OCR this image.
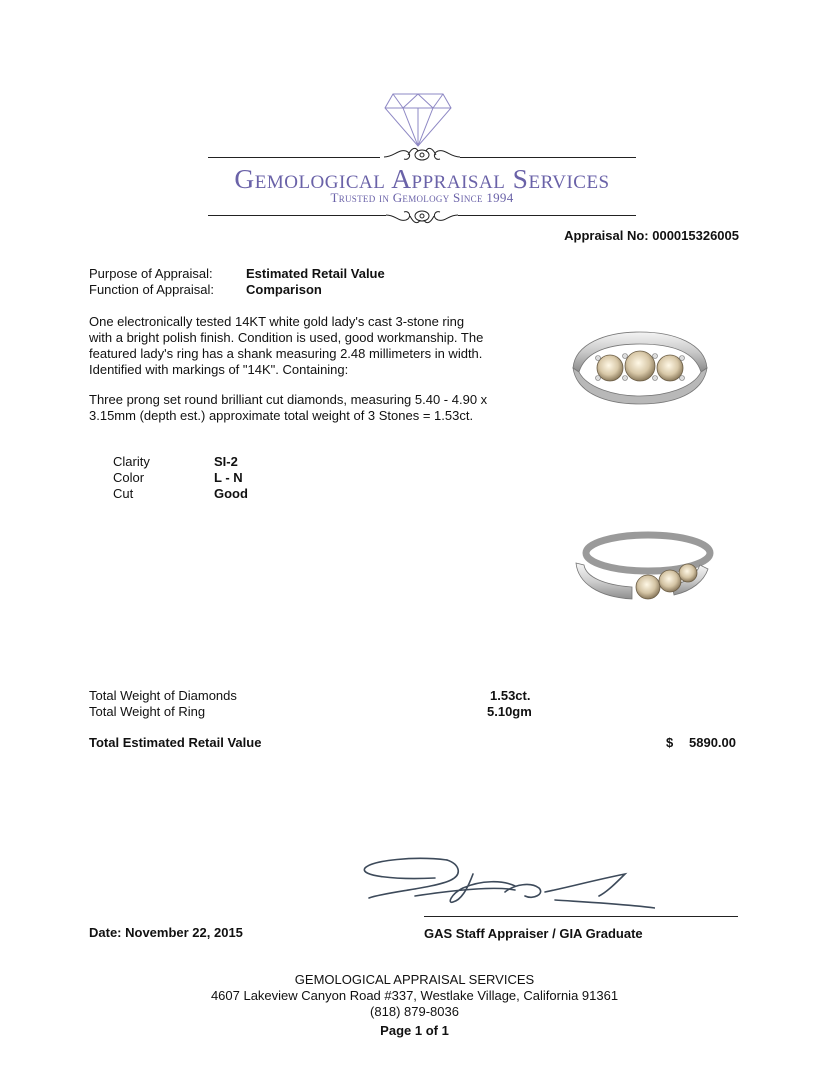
Gemological Appraisal Services
Trusted in Gemology Since 1994
Appraisal No: 000015326005
Purpose of Appraisal:	Estimated Retail Value
Function of Appraisal: Comparison
One electronically tested 14KT white gold lady's cast 3-stone ring with a bright polish finish. Condition is used, good workmanship. The featured lady's ring has a shank measuring 2.48 millimeters in width. Identified with markings of "14K". Containing:
Three prong set round brilliant cut diamonds, measuring 5.40 - 4.90 x 3.15mm (depth est.) approximate total weight of 3 Stones = 1.53ct.
Clarity	SI-2
Color	L - N
Cut	Good
Total Weight of Diamonds	1.53ct.
Total Weight of Ring	5.10gm
Total Estimated Retail Value	$ 5890.00
Date: November 22, 2015	GAS Staff Appraiser / GIA Graduate
GEMOLOGICAL APPRAISAL SERVICES
4607 Lakeview Canyon Road #337, Westlake Village, California 91361
(818) 879-8036
Page 1 of 1
